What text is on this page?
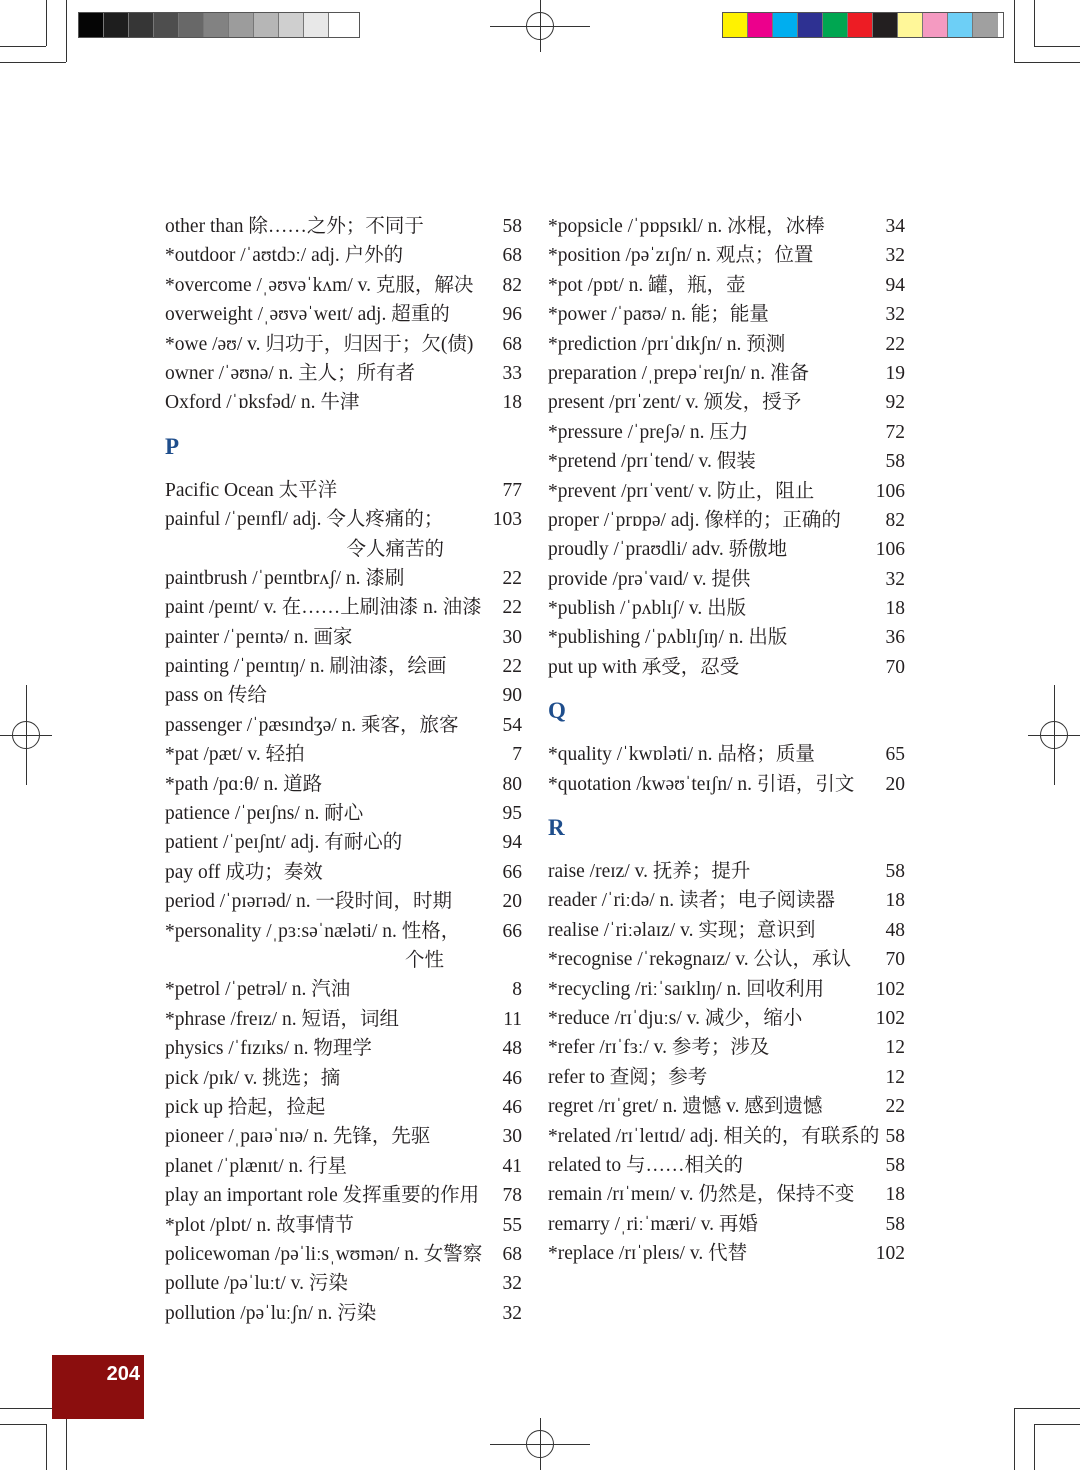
other than 除……之外；不同于	58
*outdoor /ˈaʊtdɔː/ adj. 户外的	68
*overcome /ˌəʊvəˈkʌm/ v. 克服，解决 82
overweight /ˌəʊvəˈweɪt/ adj. 超重的	96
*owe /əʊ/ v. 归功于，归因于；欠(债) 68
owner /ˈəʊnə/ n. 主人；所有者	33
Oxford /ˈɒksfəd/ n. 牛津	18
P
Pacific Ocean 太平洋	77
painful /ˈpeɪnfl/ adj. 令人疼痛的；	103
令人痛苦的
paintbrush /ˈpeɪntbrʌʃ/ n. 漆刷	22
paint /peɪnt/ v. 在……上刷油漆 n. 油漆 22
painter /ˈpeɪntə/ n. 画家	30
painting /ˈpeɪntɪŋ/ n. 刷油漆，绘画	22
pass on 传给	90
passenger /ˈpæsɪndʒə/ n. 乘客，旅客 54
*pat /pæt/ v. 轻拍	7
*path /pɑːθ/ n. 道路	80
patience /ˈpeɪʃns/ n. 耐心	95
patient /ˈpeɪʃnt/ adj. 有耐心的	94
pay off 成功；奏效	66
period /ˈpɪərɪəd/ n. 一段时间，时期	20
*personality /ˌpɜːsəˈnæləti/ n. 性格， 66
个性
*petrol /ˈpetrəl/ n. 汽油	8
*phrase /freɪz/ n. 短语，词组	11
physics /ˈfɪzɪks/ n. 物理学	48
pick /pɪk/ v. 挑选；摘	46
pick up 拾起，捡起	46
pioneer /ˌpaɪəˈnɪə/ n. 先锋，先驱	30
planet /ˈplænɪt/ n. 行星	41
play an important role 发挥重要的作用 78
*plot /plɒt/ n. 故事情节	55
policewoman /pəˈliːsˌwʊmən/ n. 女警察 68
pollute /pəˈluːt/ v. 污染	32
pollution /pəˈluːʃn/ n. 污染	32
*popsicle /ˈpɒpsɪkl/ n. 冰棍，冰棒	34
*position /pəˈzɪʃn/ n. 观点；位置	32
*pot /pɒt/ n. 罐，瓶，壶	94
*power /ˈpaʊə/ n. 能；能量	32
*prediction /prɪˈdɪkʃn/ n. 预测	22
preparation /ˌprepəˈreɪʃn/ n. 准备	19
present /prɪˈzent/ v. 颁发，授予	92
*pressure /ˈpreʃə/ n. 压力	72
*pretend /prɪˈtend/ v. 假装	58
*prevent /prɪˈvent/ v. 防止，阻止	106
proper /ˈprɒpə/ adj. 像样的；正确的 82
proudly /ˈpraʊdli/ adv. 骄傲地	106
provide /prəˈvaɪd/ v. 提供	32
*publish /ˈpʌblɪʃ/ v. 出版	18
*publishing /ˈpʌblɪʃɪŋ/ n. 出版	36
put up with 承受，忍受	70
Q
*quality /ˈkwɒləti/ n. 品格；质量	65
*quotation /kwəʊˈteɪʃn/ n. 引语，引文 20
R
raise /reɪz/ v. 抚养；提升	58
reader /ˈriːdə/ n. 读者；电子阅读器	18
realise /ˈriːəlaɪz/ v. 实现；意识到	48
*recognise /ˈrekəgnaɪz/ v. 公认，承认 70
*recycling /riːˈsaɪklɪŋ/ n. 回收利用	102
*reduce /rɪˈdjuːs/ v. 减少，缩小	102
*refer /rɪˈfɜː/ v. 参考；涉及	12
refer to 查阅；参考	12
regret /rɪˈgret/ n. 遗憾 v. 感到遗憾	22
*related /rɪˈleɪtɪd/ adj. 相关的，有联系的 58
related to 与……相关的	58
remain /rɪˈmeɪn/ v. 仍然是，保持不变 18
remarry /ˌriːˈmæri/ v. 再婚	58
*replace /rɪˈpleɪs/ v. 代替	102
204
